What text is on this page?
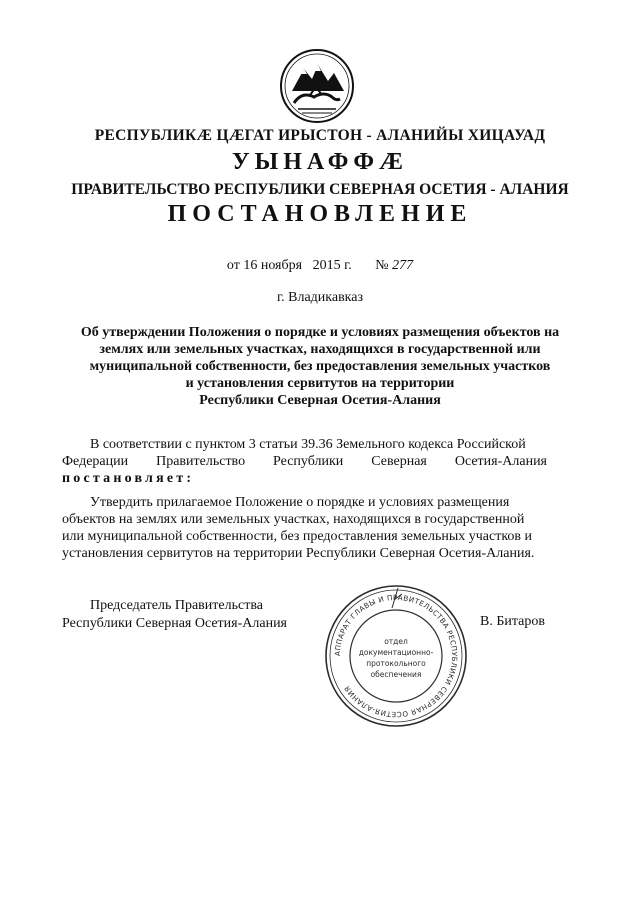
РЕСПУБЛИКӔ ЦӔГАТ ИРЫСТОН - АЛАНИЙЫ ХИЦАУАД
УЫНАФФӔ
ПРАВИТЕЛЬСТВО РЕСПУБЛИКИ СЕВЕРНАЯ ОСЕТИЯ - АЛАНИЯ
ПОСТАНОВЛЕНИЕ
от 16 ноября 2015 г. № 277
г. Владикавказ
Об утверждении Положения о порядке и условиях размещения объектов на
землях или земельных участках, находящихся в государственной или
муниципальной собственности, без предоставления земельных участков
и установления сервитутов на территории
Республики Северная Осетия-Алания
В соответствии с пунктом 3 статьи 39.36 Земельного кодекса Российской
Федерации Правительство Республики Северная Осетия-Алания
постановляет:
Утвердить прилагаемое Положение о порядке и условиях размещения
объектов на землях или земельных участках, находящихся в государственной
или муниципальной собственности, без предоставления земельных участков и
установления сервитутов на территории Республики Северная Осетия-Алания.
Председатель Правительства
Республики Северная Осетия-Алания
АППАРАТ ГЛАВЫ И ПРАВИТЕЛЬСТВА РЕСПУБЛИКИ СЕВЕРНАЯ ОСЕТИЯ-АЛАНИЯ
отдел
документационно-
протокольного
обеспечения
В. Битаров
